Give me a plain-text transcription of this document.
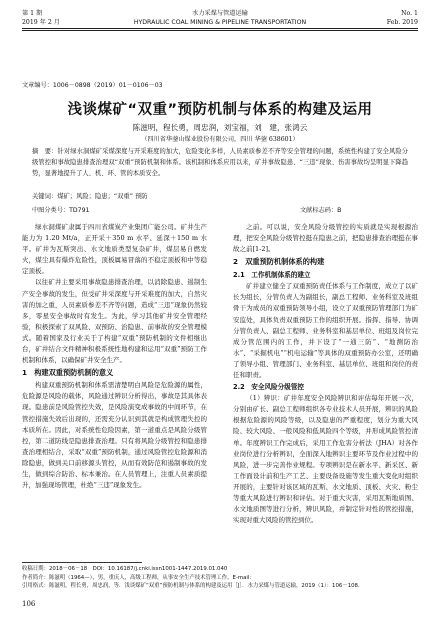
第 1 期	水力采煤与管道运输	No. 1
2019 年 2 月	HYDRAULIC COAL MINING & PIPELINE TRANSPORTATION	Feb. 2019
文章编号：1006－0898（2019）01－0106－03
浅谈煤矿“双重”预防机制与体系的构建及运用
陈滋明，程长勇，周忠润，刘宝福，刘　建，张鸿云
（四川省华蓥山煤业股份有限公司，四川 华蓥 638601）
摘　要：针对绿水洞煤矿采煤深度与开采难度的加大，危险变化多样，人员素质参差不齐等安全管理的问题，系统性构建了安全风险分级管控和事故隐患排查治理双“双重”预防机制和体系。该机制和体系应用以来，矿井事故隐患、“三违”现象、伤害事故均呈明显下降趋势，显著地提升了人、机、环、管的本质安全。
关键词：煤矿；风险；隐患；“双重” 预防
中图分类号：TD791	文献标志码：B

绿水洞煤矿隶属于四川省煤炭产业集团广能公司。矿井生产能力为 1.20 Mt/a，正开采＋350 m 水平、延深＋150 m 水平。矿井为瓦斯突出、水文地质类型复杂矿井，煤层易自燃发火，煤尘具有爆炸危险性，顶板属易冒落的不稳定顶板和中等稳定顶板。

以往矿井主要采用事故隐患排查治理，以消除隐患、遏制生产安全事故的发生，但受矿井采深度与开采难度的加大，自然灾害的加之重，人员素质参差不齐等问题，造成“三违”现象仍然较多，零星安全事故时有发生。为此，学习其他矿井安全管理经验，积极探索了双风险、双预防、治隐患、前事故的安全管理模式。随着国家及行业关于了构建“双重”预防机制的文件相继出台，矿井结合文件精神积极系统性地构建和运用“双重”预防工作机制和体系，以确保矿井安全生产。

1　构建双重预防机制的意义

构建双重预防机制和体系需清楚明白风险是危险源的属性，危险源是风险的载体，风险通过辨识分析得出，事故是其具体表现。隐患前是风险管控失效，是风险演变成事故的中间环节，在管控措施失效后出现的，还需充分认识到其就是构成管理失控的本质所在。因此，对系统性危险因素，第一道重点是风险分级管控，第二道防线是隐患排查治理。只有将风险分级管控和隐患排查治理相结合，采取“双重”预防机制，通过风险管控危险源和消除隐患，做到关口前移源头管控，从而有效防范和遏制事故的发生，做到综合防治、标本兼治。在人员管理上，注重人员素质提升，加强现场管理，杜绝“三违”现象发生。

之前。可以说，安全风险分级管控的实质就是实现根源治理，把安全风险分级管控挺在隐患之前，把隐患排查治理挺在事故之前[1-2]。

2　双重预防机制体系的构建

2.1　工作机制体系的建立

矿井建立健全了双重预防责任体系与工作制度，成立了以矿长为组长，分管负责人为副组长，副总工程师、业务科室及班组骨干为成员的双重预防领导小组，设立了双重预防管理部门为矿安监处，具体负责双重预防工作的组织开展。指挥、指导、协调分管负责人、副总工程师、业务科室和基层单位、班组及岗位完成分管范围内的工作，并下设了“一通三防”、“地测防治水”、“采掘机电”“机电运输”等具体的双重预防办公室，还明确了领导小组、管理部门、业务科室、基层单位、班组和岗位的责任和职责。

2.2　安全风险分级管控

（1）辨识：矿井年度安全风险辨识和评估每年开展一次，分别由矿长、副总工程师组织各专业技术人员开展，辨识的风险根据危险源的风险等级，以及隐患的严重程度，划分为重大风险、较大风险、一般风险和低风险四个等级，并形成风险管控清单。年度辨识工作完成后，采用工作危害分析法（JHA）对各作业岗位进行分析辨识，全面深入地辨识主要环节及作业过程中的风险，进一步完善作业规程。专项辨识是在新水平、新采区、新工作面设计前和生产工艺、主要设备设施等发生重大变化时组织开展的，主要针对该区域的瓦斯、水文地质、顶板、火灾、粉尘等重大风险进行辨识和评估。对于重大灾害，采用瓦斯地质图、水文地质图等进行分析，辨识风险，并制定针对性的管控措施，实现对重大风险的管控到位。

收稿日期：2018－06－18　DOI：10.16187/j.cnki.issn1001-1447.2019.01.040
作者简介：陈滋明（1964—），男，重庆人，高级工程师，从事安全生产技术管理工作。E-mail：
引用格式：陈滋明，程长勇，周忠润，等．浅谈煤矿“双重”预防机制与体系的构建及运用［J］．水力采煤与管道运输，2019（1）：106－108．
106
